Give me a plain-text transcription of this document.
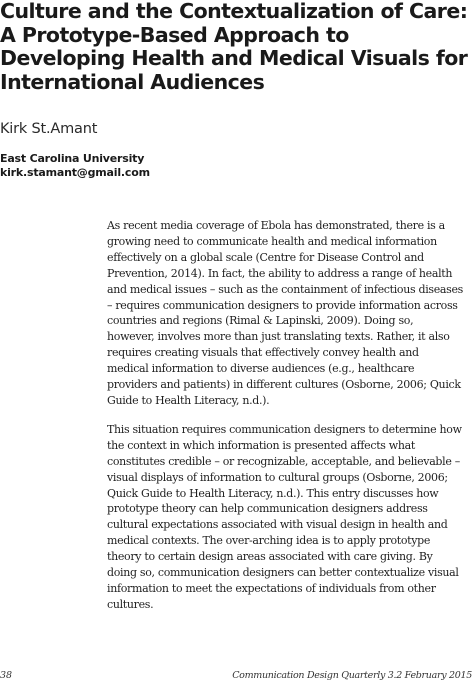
Culture and the Contextualization of Care: A Prototype-Based Approach to Developing Health and Medical Visuals for International Audiences
Kirk St.Amant
East Carolina University
kirk.stamant@gmail.com

As recent media coverage of Ebola has demonstrated, there is a growing need to communicate health and medical information effectively on a global scale (Centre for Disease Control and Prevention, 2014). In fact, the ability to address a range of health and medical issues – such as the containment of infectious diseases – requires communication designers to provide information across countries and regions (Rimal & Lapinski, 2009). Doing so, however, involves more than just translating texts. Rather, it also requires creating visuals that effectively convey health and medical information to diverse audiences (e.g., healthcare providers and patients) in different cultures (Osborne, 2006; Quick Guide to Health Literacy, n.d.).

This situation requires communication designers to determine how the context in which information is presented affects what constitutes credible – or recognizable, acceptable, and believable – visual displays of information to cultural groups (Osborne, 2006; Quick Guide to Health Literacy, n.d.). This entry discusses how prototype theory can help communication designers address cultural expectations associated with visual design in health and medical contexts. The over-arching idea is to apply prototype theory to certain design areas associated with care giving. By doing so, communication designers can better contextualize visual information to meet the expectations of individuals from other cultures.

38	Communication Design Quarterly 3.2 February 2015
